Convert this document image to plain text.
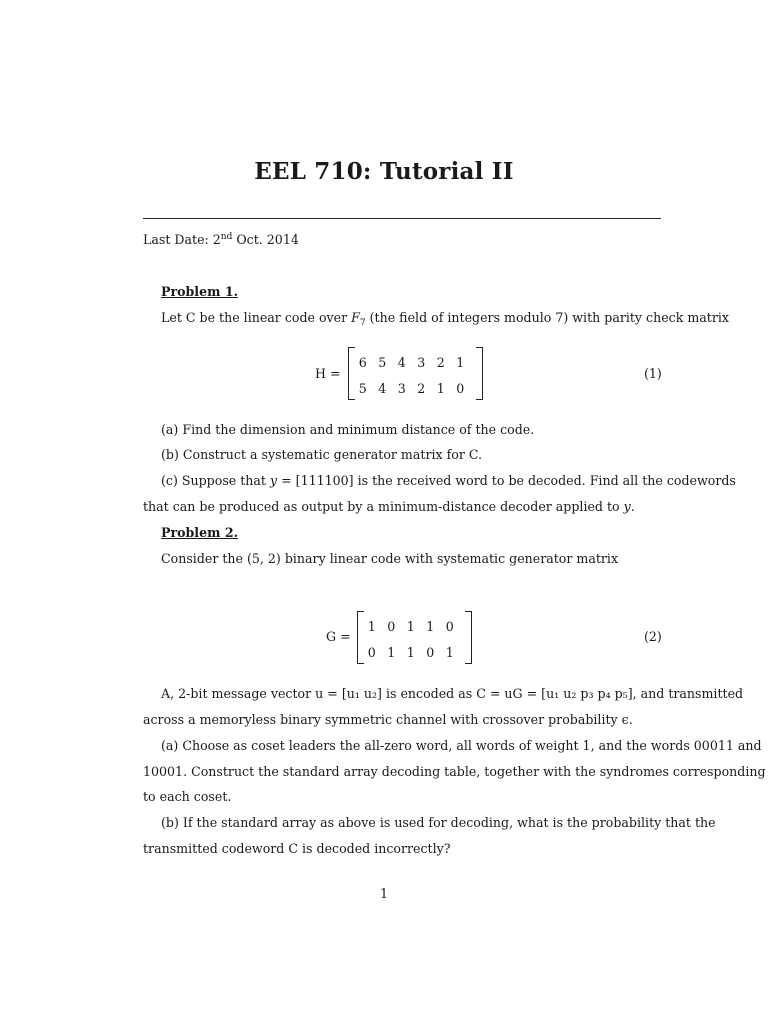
EEL 710: Tutorial II
Last Date: 2nd Oct. 2014
Problem 1.
Let C be the linear code over $F_7$ (the field of integers modulo 7) with parity check matrix
H =
6 5 4 3 2 1
5 4 3 2 1 0
(1)
(a) Find the dimension and minimum distance of the code.
(b) Construct a systematic generator matrix for C.
(c) Suppose that y = [111100] is the received word to be decoded. Find all the codewords
that can be produced as output by a minimum-distance decoder applied to y.
Problem 2.
Consider the (5, 2) binary linear code with systematic generator matrix
G =
1 0 1 1 0
0 1 1 0 1
(2)
A, 2-bit message vector u = [u₁ u₂] is encoded as C = uG = [u₁ u₂ p₃ p₄ p₅], and transmitted
across a memoryless binary symmetric channel with crossover probability ϵ.
(a) Choose as coset leaders the all-zero word, all words of weight 1, and the words 00011 and
10001. Construct the standard array decoding table, together with the syndromes corresponding
to each coset.
(b) If the standard array as above is used for decoding, what is the probability that the
transmitted codeword C is decoded incorrectly?
1
